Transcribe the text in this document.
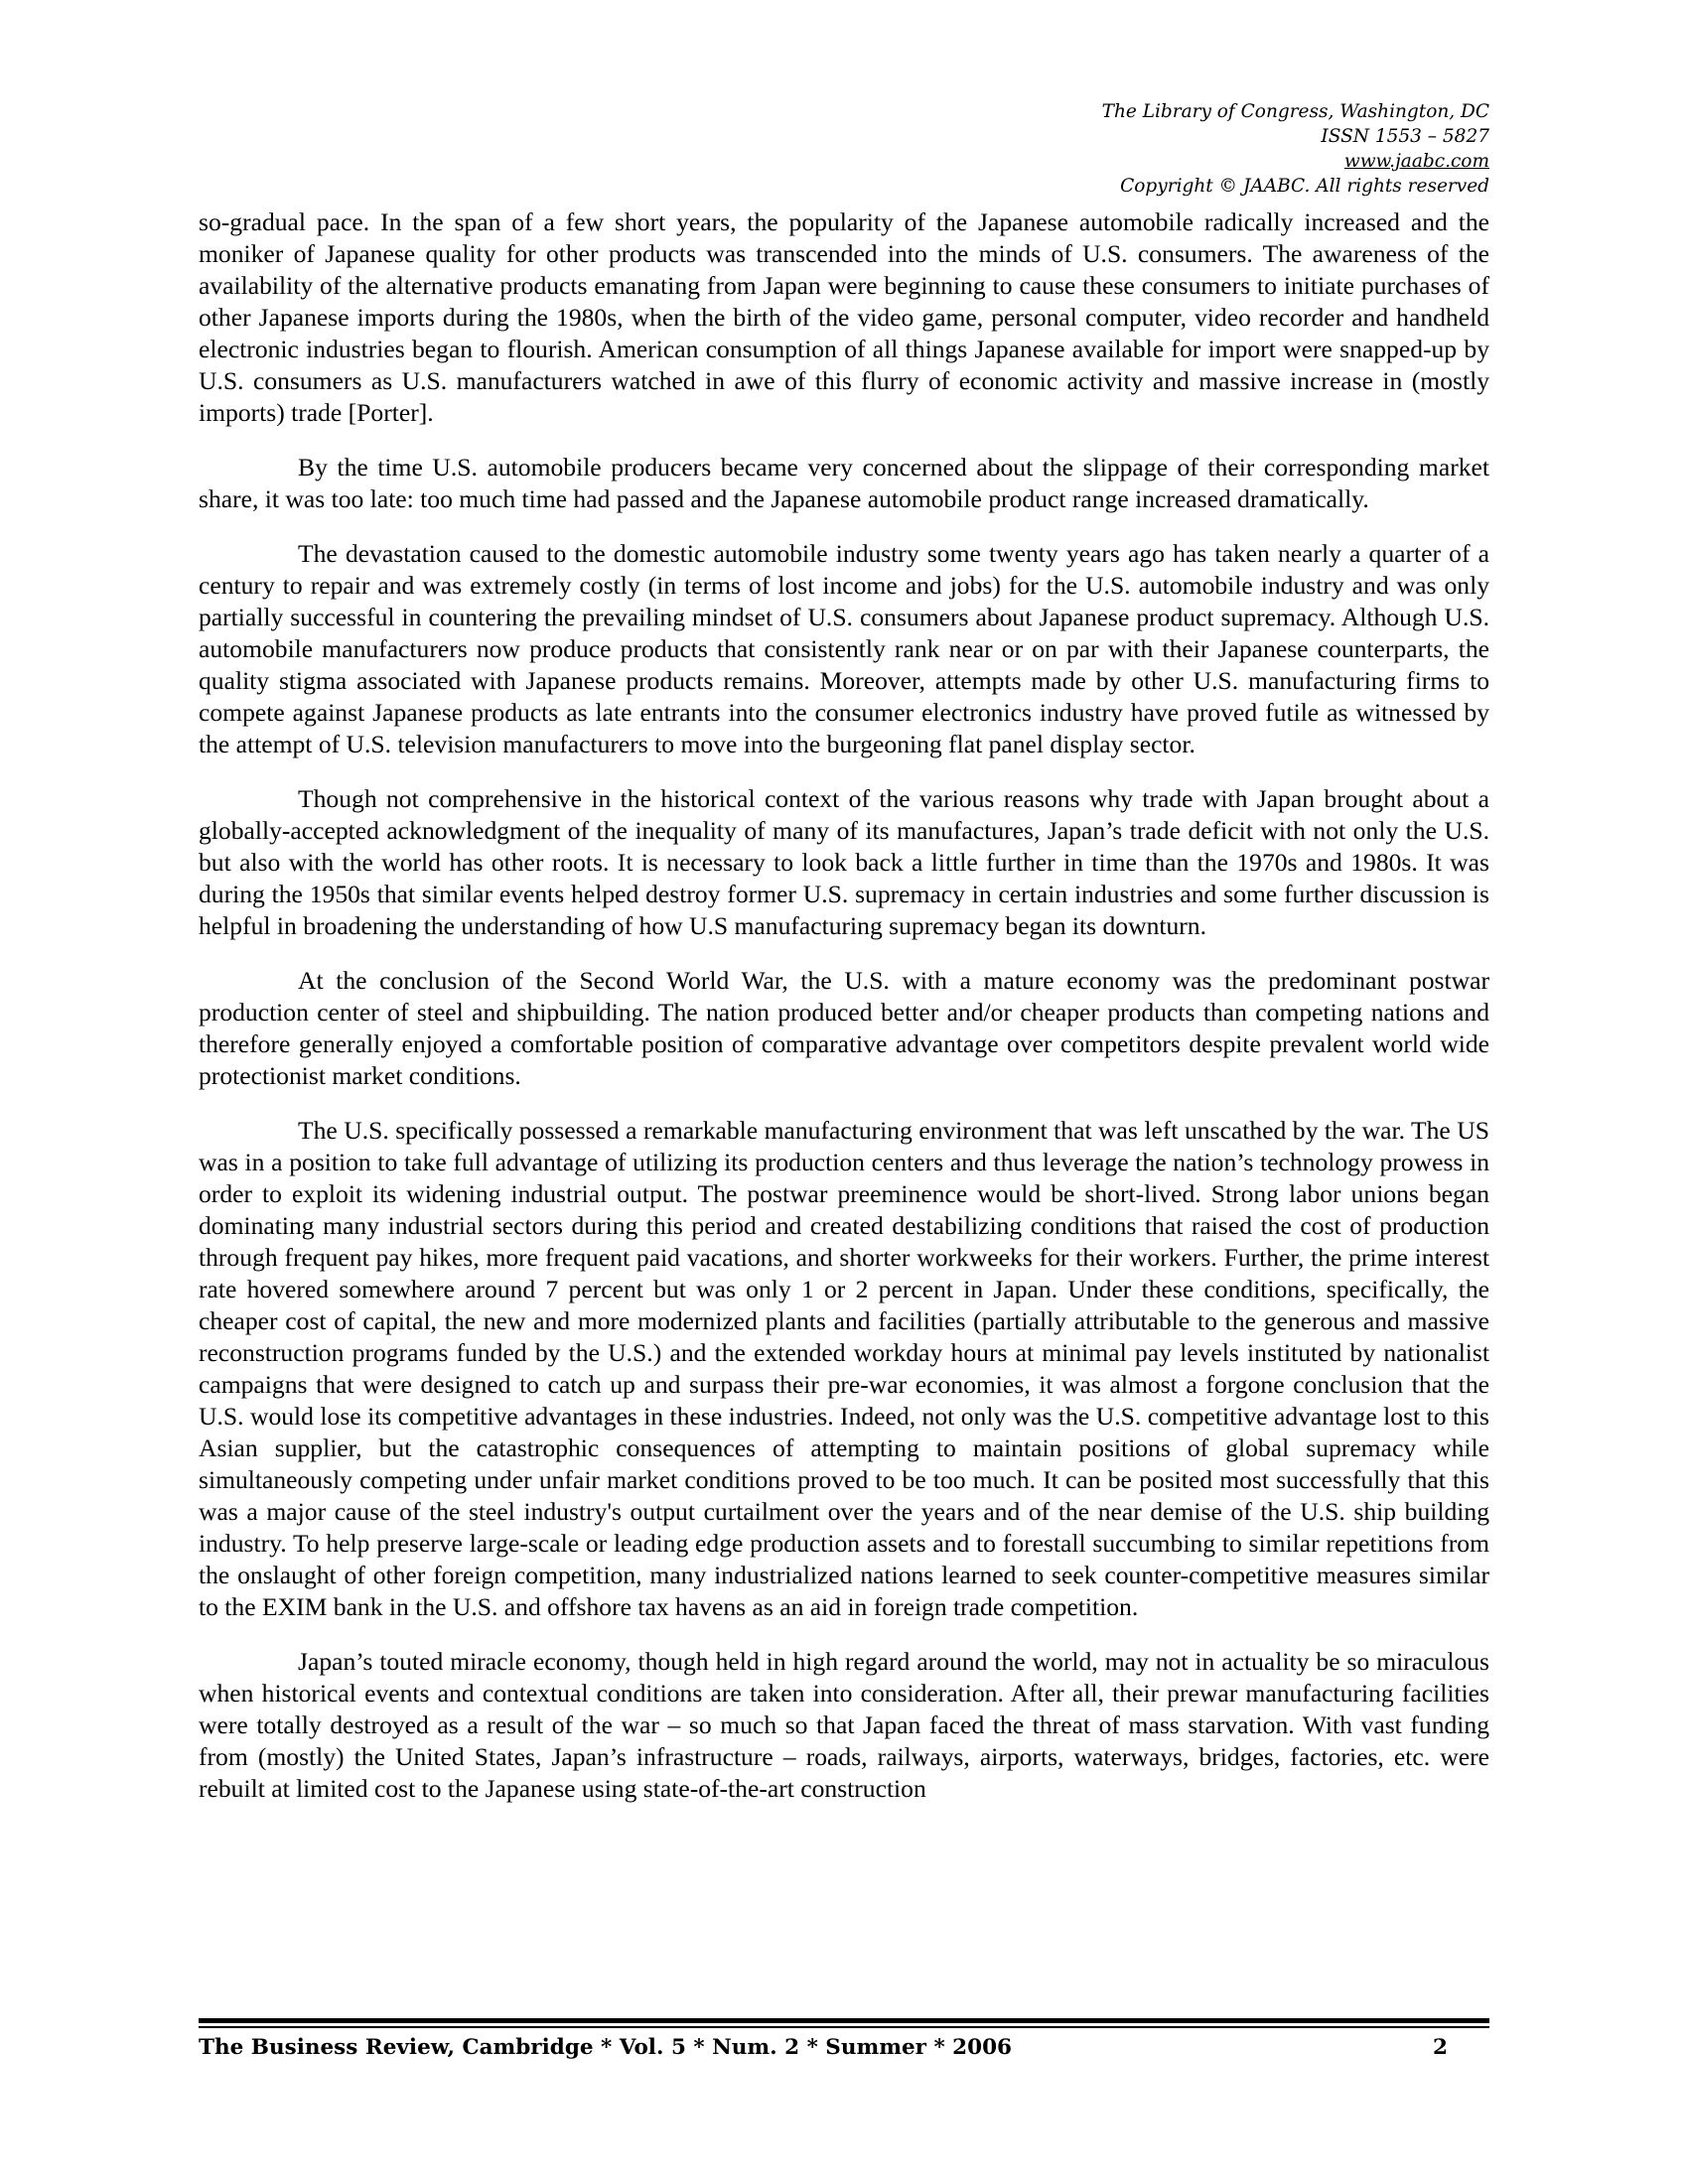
The Library of Congress, Washington, DC
ISSN 1553 – 5827
www.jaabc.com
Copyright © JAABC. All rights reserved

so-gradual pace. In the span of a few short years, the popularity of the Japanese automobile radically increased and the moniker of Japanese quality for other products was transcended into the minds of U.S. consumers. The awareness of the availability of the alternative products emanating from Japan were beginning to cause these consumers to initiate purchases of other Japanese imports during the 1980s, when the birth of the video game, personal computer, video recorder and handheld electronic industries began to flourish. American consumption of all things Japanese available for import were snapped-up by U.S. consumers as U.S. manufacturers watched in awe of this flurry of economic activity and massive increase in (mostly imports) trade [Porter].

By the time U.S. automobile producers became very concerned about the slippage of their corresponding market share, it was too late: too much time had passed and the Japanese automobile product range increased dramatically.

The devastation caused to the domestic automobile industry some twenty years ago has taken nearly a quarter of a century to repair and was extremely costly (in terms of lost income and jobs) for the U.S. automobile industry and was only partially successful in countering the prevailing mindset of U.S. consumers about Japanese product supremacy. Although U.S. automobile manufacturers now produce products that consistently rank near or on par with their Japanese counterparts, the quality stigma associated with Japanese products remains. Moreover, attempts made by other U.S. manufacturing firms to compete against Japanese products as late entrants into the consumer electronics industry have proved futile as witnessed by the attempt of U.S. television manufacturers to move into the burgeoning flat panel display sector.

Though not comprehensive in the historical context of the various reasons why trade with Japan brought about a globally-accepted acknowledgment of the inequality of many of its manufactures, Japan’s trade deficit with not only the U.S. but also with the world has other roots. It is necessary to look back a little further in time than the 1970s and 1980s. It was during the 1950s that similar events helped destroy former U.S. supremacy in certain industries and some further discussion is helpful in broadening the understanding of how U.S manufacturing supremacy began its downturn.

At the conclusion of the Second World War, the U.S. with a mature economy was the predominant postwar production center of steel and shipbuilding. The nation produced better and/or cheaper products than competing nations and therefore generally enjoyed a comfortable position of comparative advantage over competitors despite prevalent world wide protectionist market conditions.

The U.S. specifically possessed a remarkable manufacturing environment that was left unscathed by the war. The US was in a position to take full advantage of utilizing its production centers and thus leverage the nation’s technology prowess in order to exploit its widening industrial output. The postwar preeminence would be short-lived. Strong labor unions began dominating many industrial sectors during this period and created destabilizing conditions that raised the cost of production through frequent pay hikes, more frequent paid vacations, and shorter workweeks for their workers. Further, the prime interest rate hovered somewhere around 7 percent but was only 1 or 2 percent in Japan. Under these conditions, specifically, the cheaper cost of capital, the new and more modernized plants and facilities (partially attributable to the generous and massive reconstruction programs funded by the U.S.) and the extended workday hours at minimal pay levels instituted by nationalist campaigns that were designed to catch up and surpass their pre-war economies, it was almost a forgone conclusion that the U.S. would lose its competitive advantages in these industries. Indeed, not only was the U.S. competitive advantage lost to this Asian supplier, but the catastrophic consequences of attempting to maintain positions of global supremacy while simultaneously competing under unfair market conditions proved to be too much. It can be posited most successfully that this was a major cause of the steel industry's output curtailment over the years and of the near demise of the U.S. ship building industry. To help preserve large-scale or leading edge production assets and to forestall succumbing to similar repetitions from the onslaught of other foreign competition, many industrialized nations learned to seek counter-competitive measures similar to the EXIM bank in the U.S. and offshore tax havens as an aid in foreign trade competition.

Japan’s touted miracle economy, though held in high regard around the world, may not in actuality be so miraculous when historical events and contextual conditions are taken into consideration. After all, their prewar manufacturing facilities were totally destroyed as a result of the war – so much so that Japan faced the threat of mass starvation. With vast funding from (mostly) the United States, Japan’s infrastructure – roads, railways, airports, waterways, bridges, factories, etc. were rebuilt at limited cost to the Japanese using state-of-the-art construction

The Business Review, Cambridge * Vol. 5 * Num. 2 * Summer * 2006	2
